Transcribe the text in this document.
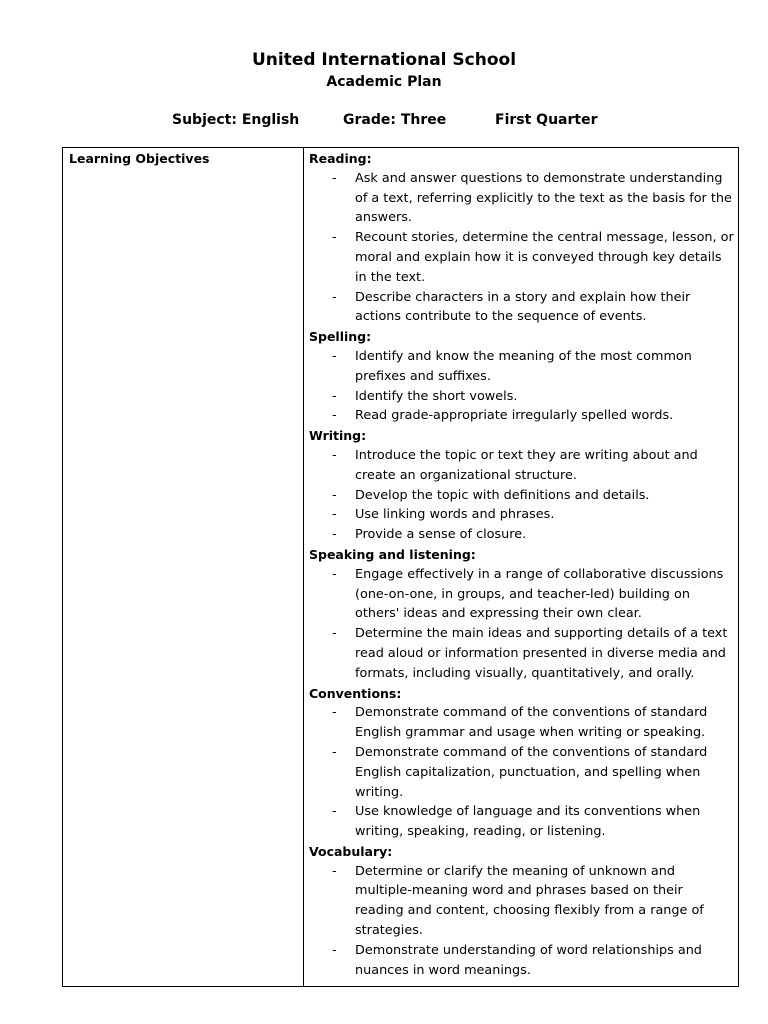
United International School
Academic Plan
Subject: English	Grade: Three	First Quarter
Learning Objectives	Reading:
- Ask and answer questions to demonstrate understanding of a text, referring explicitly to the text as the basis for the answers.
- Recount stories, determine the central message, lesson, or moral and explain how it is conveyed through key details in the text.
- Describe characters in a story and explain how their actions contribute to the sequence of events.
Spelling:
- Identify and know the meaning of the most common prefixes and suffixes.
- Identify the short vowels.
- Read grade-appropriate irregularly spelled words.
Writing:
- Introduce the topic or text they are writing about and create an organizational structure.
- Develop the topic with definitions and details.
- Use linking words and phrases.
- Provide a sense of closure.
Speaking and listening:
- Engage effectively in a range of collaborative discussions (one-on-one, in groups, and teacher-led) building on others' ideas and expressing their own clear.
- Determine the main ideas and supporting details of a text read aloud or information presented in diverse media and formats, including visually, quantitatively, and orally.
Conventions:
- Demonstrate command of the conventions of standard English grammar and usage when writing or speaking.
- Demonstrate command of the conventions of standard English capitalization, punctuation, and spelling when writing.
- Use knowledge of language and its conventions when writing, speaking, reading, or listening.
Vocabulary:
- Determine or clarify the meaning of unknown and multiple-meaning word and phrases based on their reading and content, choosing flexibly from a range of strategies.
- Demonstrate understanding of word relationships and nuances in word meanings.
